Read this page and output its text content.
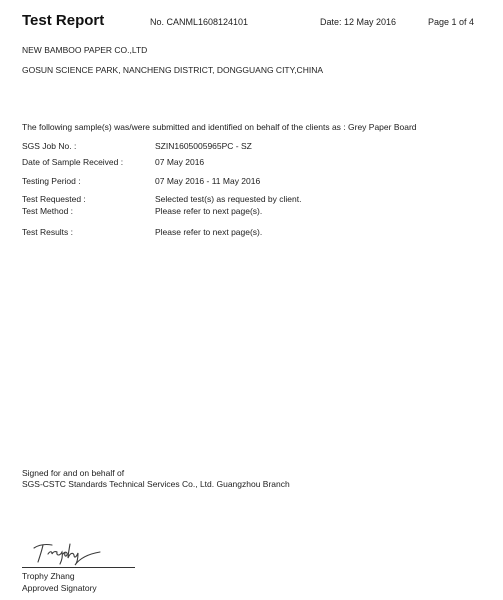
Test Report	No. CANML1608124101	Date: 12 May 2016	Page 1 of 4
NEW BAMBOO PAPER CO.,LTD
GOSUN SCIENCE PARK, NANCHENG DISTRICT, DONGGUANG CITY,CHINA
The following sample(s) was/were submitted and identified on behalf of the clients as : Grey Paper Board
SGS Job No. :	SZIN1605005965PC - SZ
Date of Sample Received :	07 May 2016
Testing Period :	07 May 2016 - 11 May 2016
Test Requested :	Selected test(s) as requested by client.
Test Method :	Please refer to next page(s).
Test Results :	Please refer to next page(s).
Signed for and on behalf of
SGS-CSTC Standards Technical Services Co., Ltd. Guangzhou Branch
Trophy Zhang
Approved Signatory
